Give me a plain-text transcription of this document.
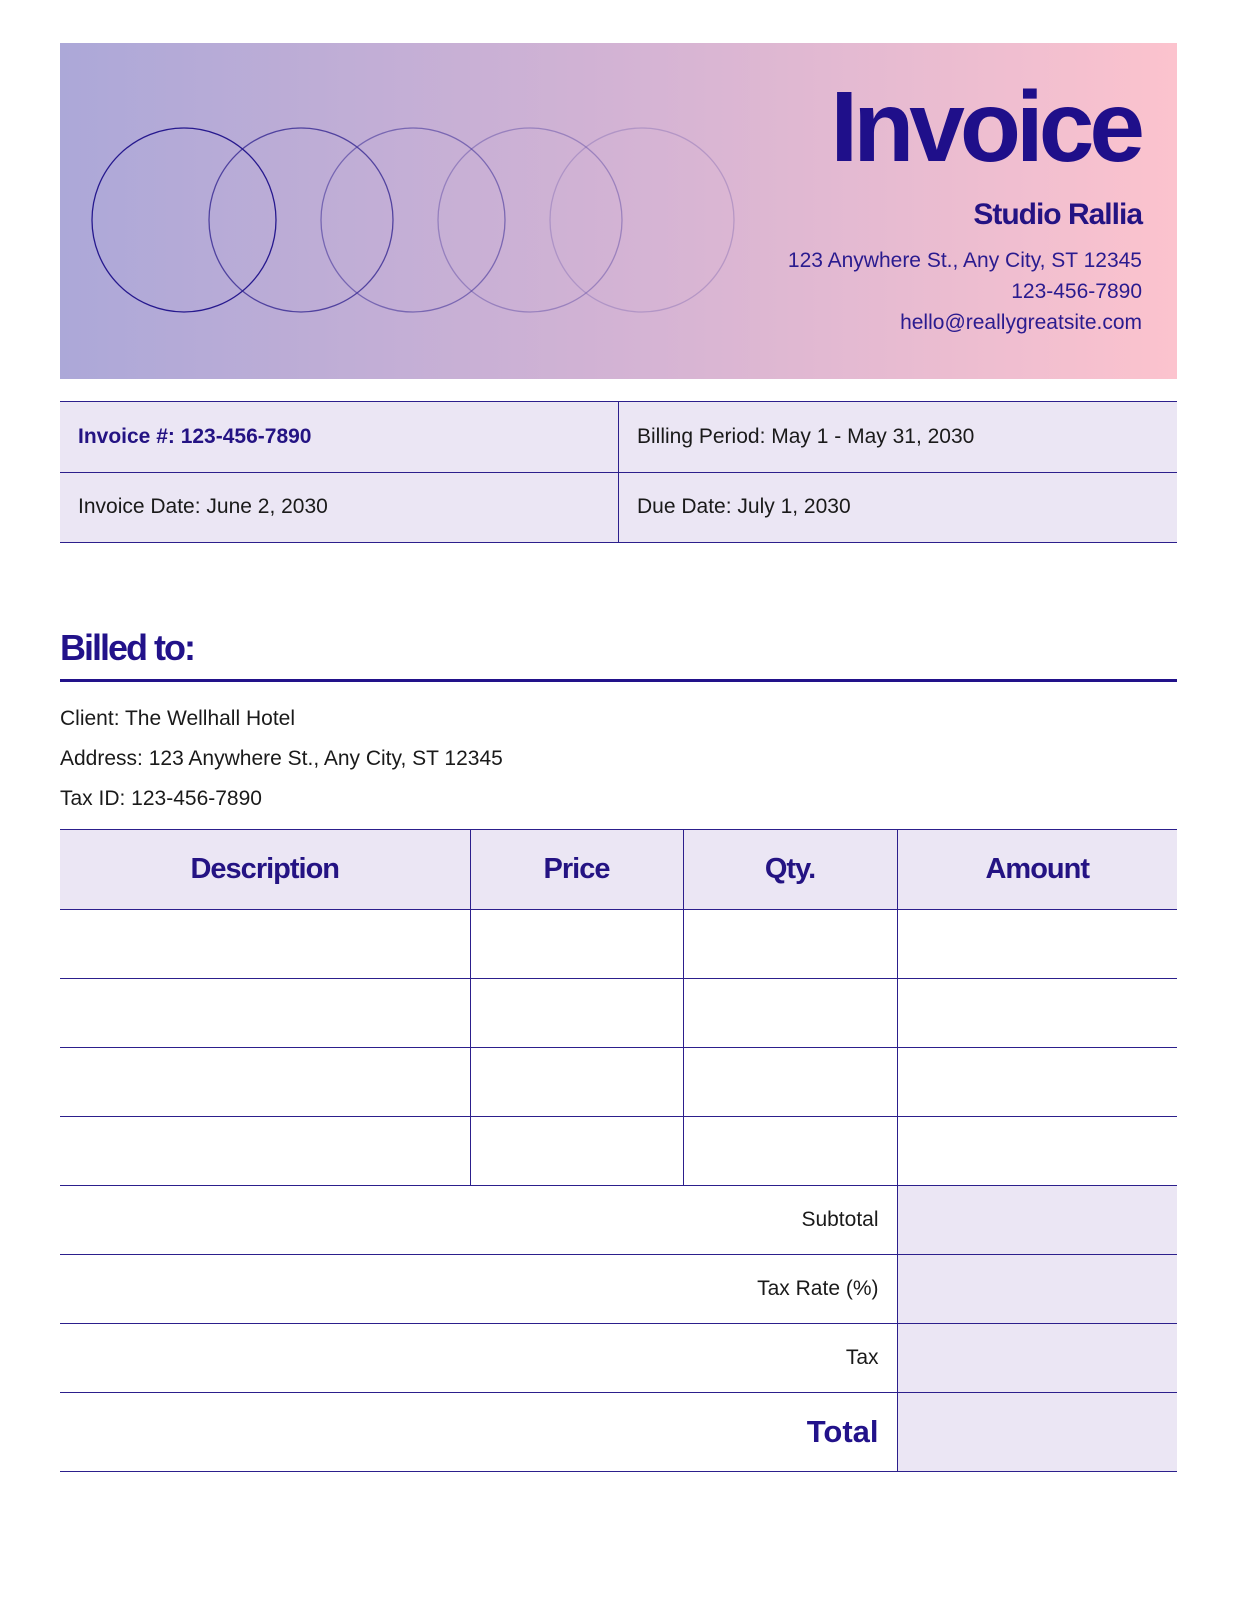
Invoice
Studio Rallia
123 Anywhere St., Any City, ST 12345
123-456-7890
hello@reallygreatsite.com
Invoice #: 123-456-7890	Billing Period: May 1 - May 31, 2030
Invoice Date: June 2, 2030	Due Date: July 1, 2030
Billed to:
Client: The Wellhall Hotel
Address: 123 Anywhere St., Any City, ST 12345
Tax ID: 123-456-7890
Description	Price	Qty.	Amount

Subtotal			
Tax Rate (%)			
Tax			
Total			
